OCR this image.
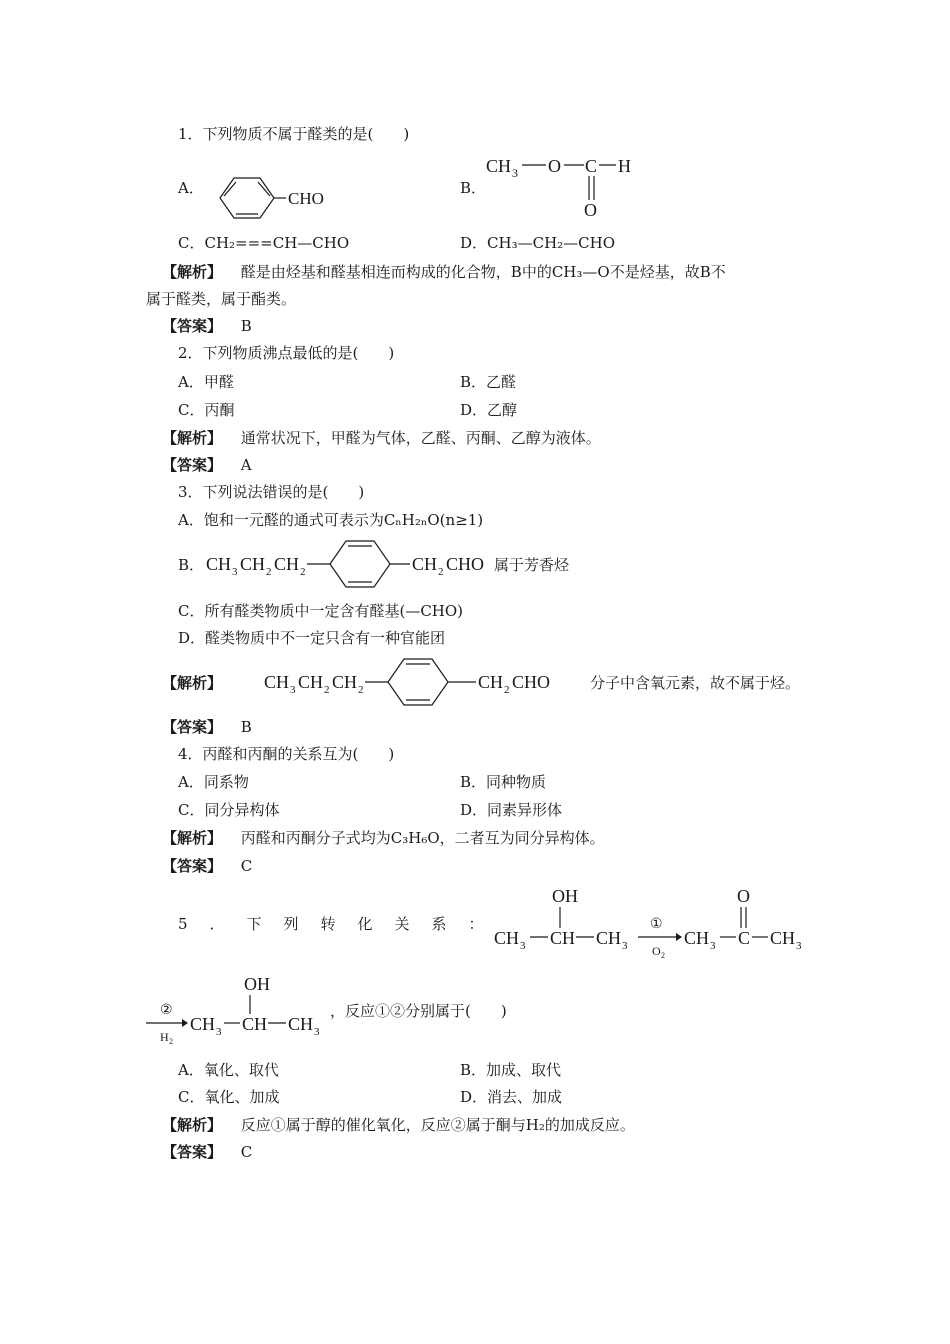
1．下列物质不属于醛类的是(　　)
A．
CHO
B．
CH 3 O C H
O
C．CH₂===CH—CHO	D．CH₃—CH₂—CHO
【解析】 醛是由烃基和醛基相连而构成的化合物，B中的CH₃—O不是烃基，故B不
属于醛类，属于酯类。
【答案】 B
2．下列物质沸点最低的是(　　)
A．甲醛	B．乙醛
C．丙酮	D．乙醇
【解析】 通常状况下，甲醛为气体，乙醛、丙酮、乙醇为液体。
【答案】 A
3．下列说法错误的是(　　)
A．饱和一元醛的通式可表示为CₙH₂ₙO(n≥1)
B． CH 3 CH 2 CH 2	CH 2 CHO 属于芳香烃
C．所有醛类物质中一定含有醛基(—CHO)
D．醛类物质中不一定只含有一种官能团
【解析】 CH 3 CH 2 CH 2	CH 2 CHO	分子中含氧元素，故不属于烃。
【答案】 B
4．丙醛和丙酮的关系互为(　　)
A．同系物	B．同种物质
C．同分异构体	D．同素异形体
【解析】 丙醛和丙酮分子式均为C₃H₆O，二者互为同分异构体。
【答案】 C
5．下列转化关系：
OH
CH 3 CH CH 3
①
O 2
CH 3 C
O
CH 3
②
H 2
OH
CH 3 CH CH 3
，反应①②分别属于(　　)
A．氧化、取代	B．加成、取代
C．氧化、加成	D．消去、加成
【解析】 反应①属于醇的催化氧化，反应②属于酮与H₂的加成反应。
【答案】 C
